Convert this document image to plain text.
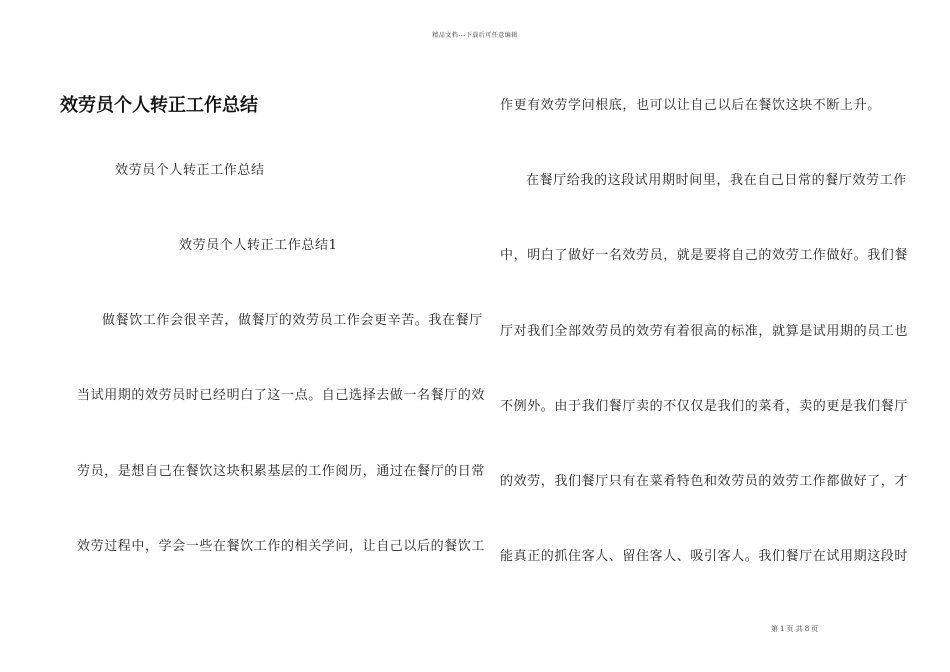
精品文档---下载后可任意编辑
效劳员个人转正工作总结
效劳员个人转正工作总结
效劳员个人转正工作总结1
做餐饮工作会很辛苦，做餐厅的效劳员工作会更辛苦。我在餐厅
当试用期的效劳员时已经明白了这一点。自己选择去做一名餐厅的效
劳员，是想自己在餐饮这块积累基层的工作阅历，通过在餐厅的日常
效劳过程中，学会一些在餐饮工作的相关学问，让自己以后的餐饮工
作更有效劳学问根底，也可以让自己以后在餐饮这块不断上升。
在餐厅给我的这段试用期时间里，我在自己日常的餐厅效劳工作
中，明白了做好一名效劳员，就是要将自己的效劳工作做好。我们餐
厅对我们全部效劳员的效劳有着很高的标准，就算是试用期的员工也
不例外。由于我们餐厅卖的不仅仅是我们的菜肴，卖的更是我们餐厅
的效劳，我们餐厅只有在菜肴特色和效劳员的效劳工作都做好了，才
能真正的抓住客人、留住客人、吸引客人。我们餐厅在试用期这段时
第 1 页 共 8 页
